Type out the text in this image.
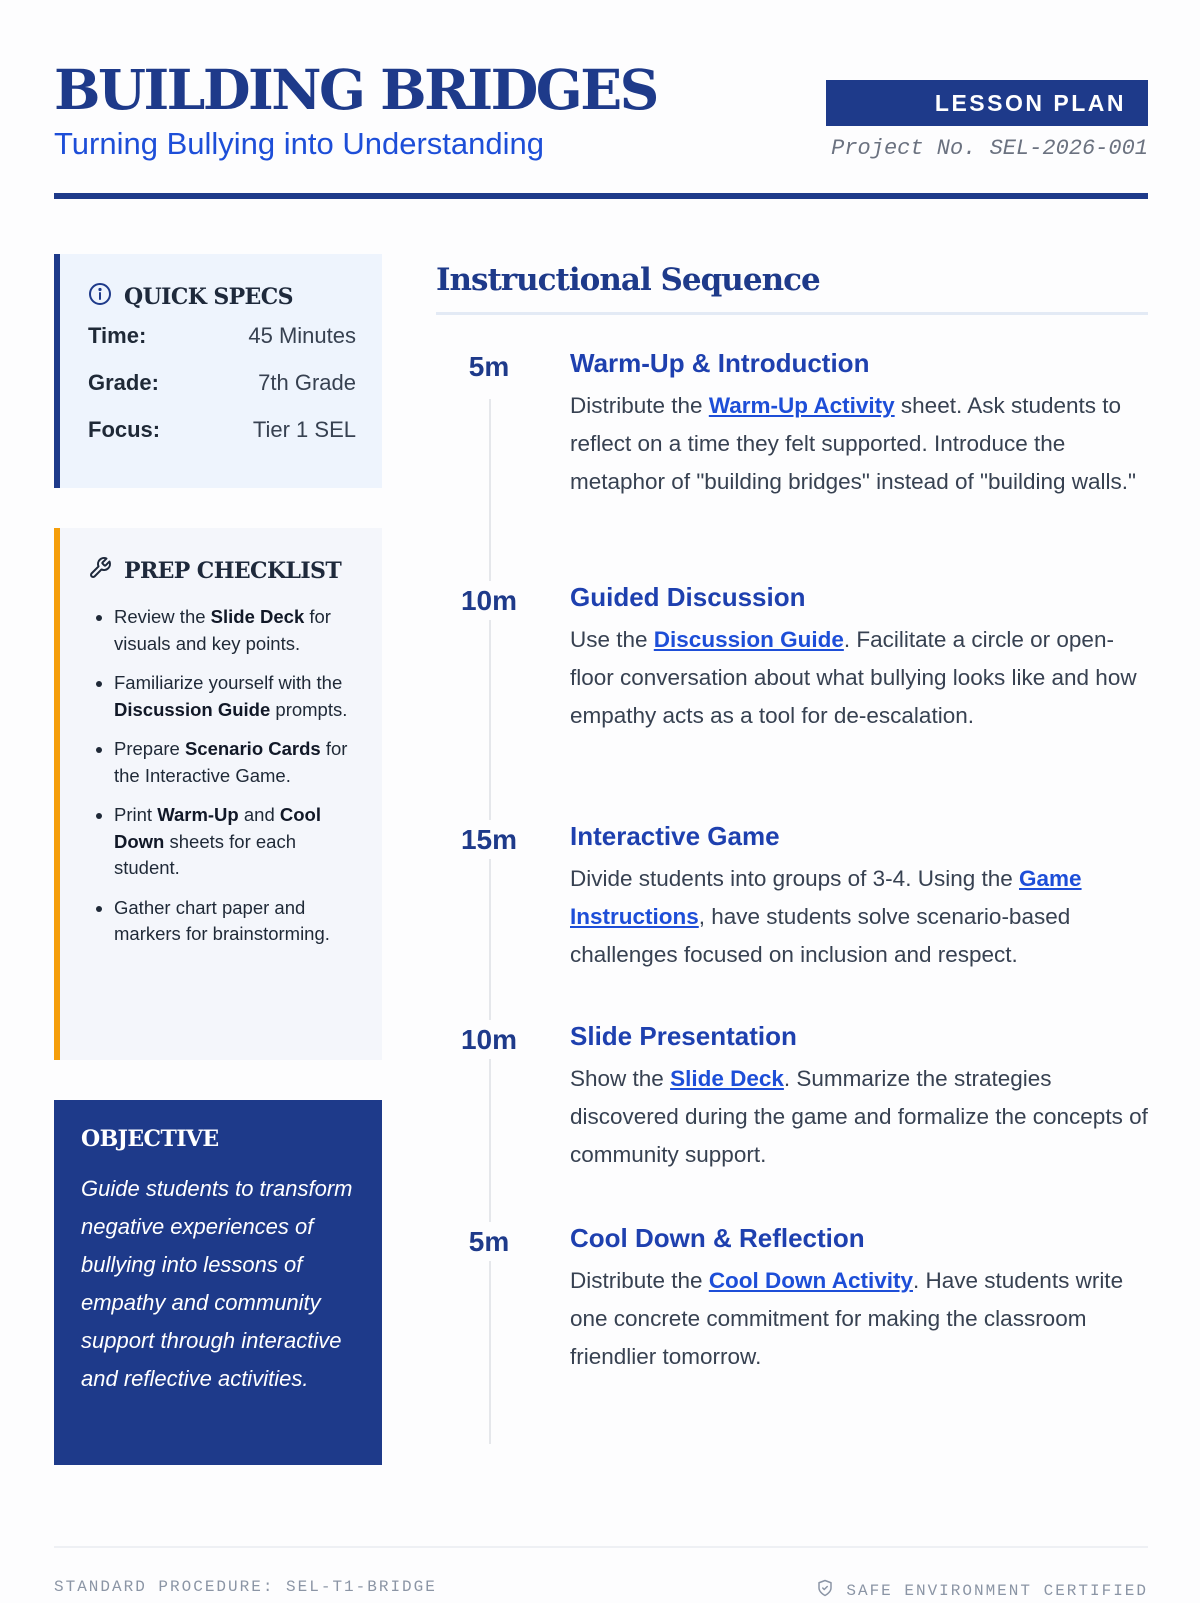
BUILDING BRIDGES
Turning Bullying into Understanding
LESSON PLAN
Project No. SEL-2026-001
QUICK SPECS
Time:	45 Minutes
Grade:	7th Grade
Focus:	Tier 1 SEL
PREP CHECKLIST
• Review the Slide Deck for visuals and key points.
• Familiarize yourself with the Discussion Guide prompts.
• Prepare Scenario Cards for the Interactive Game.
• Print Warm-Up and Cool Down sheets for each student.
• Gather chart paper and markers for brainstorming.
OBJECTIVE
Guide students to transform negative experiences of bullying into lessons of empathy and community support through interactive and reflective activities.
Instructional Sequence
5m	Warm-Up & Introduction
Distribute the Warm-Up Activity sheet. Ask students to reflect on a time they felt supported. Introduce the metaphor of "building bridges" instead of "building walls."
10m	Guided Discussion
Use the Discussion Guide. Facilitate a circle or open-floor conversation about what bullying looks like and how empathy acts as a tool for de-escalation.
15m	Interactive Game
Divide students into groups of 3-4. Using the Game Instructions, have students solve scenario-based challenges focused on inclusion and respect.
10m	Slide Presentation
Show the Slide Deck. Summarize the strategies discovered during the game and formalize the concepts of community support.
5m	Cool Down & Reflection
Distribute the Cool Down Activity. Have students write one concrete commitment for making the classroom friendlier tomorrow.
STANDARD PROCEDURE: SEL-T1-BRIDGE	SAFE ENVIRONMENT CERTIFIED
